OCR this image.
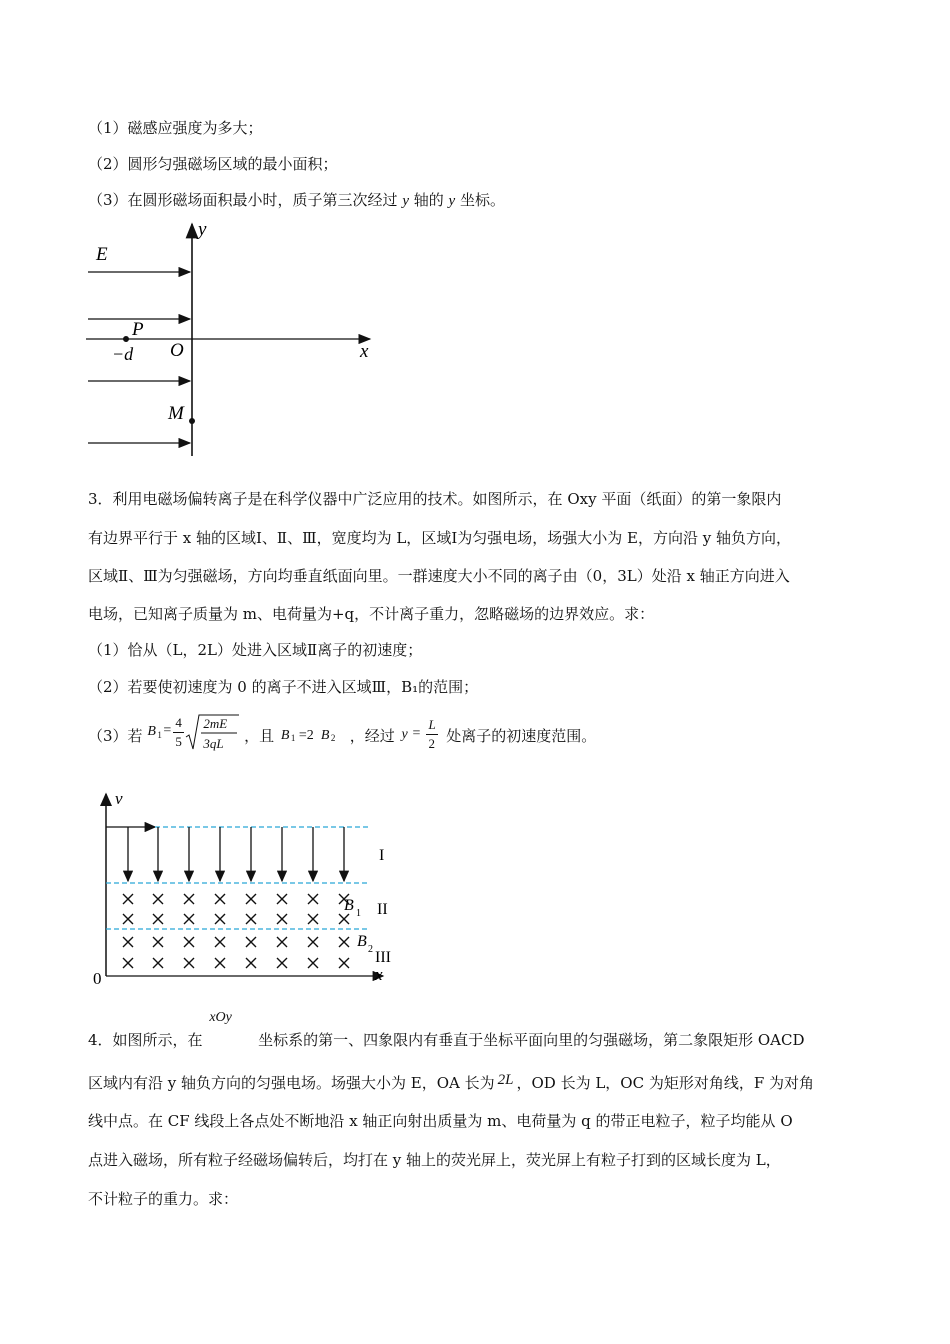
（1）磁感应强度为多大；
（2）圆形匀强磁场区域的最小面积；
（3）在圆形磁场面积最小时，质子第三次经过 y 轴的 y 坐标。
E
y
P
−d O	x
M
3．利用电磁场偏转离子是在科学仪器中广泛应用的技术。如图所示，在 Oxy 平面（纸面）的第一象限内
有边界平行于 x 轴的区域Ⅰ、Ⅱ、Ⅲ，宽度均为 L，区域Ⅰ为匀强电场，场强大小为 E，方向沿 y 轴负方向，
区域Ⅱ、Ⅲ为匀强磁场，方向均垂直纸面向里。一群速度大小不同的离子由（0，3L）处沿 x 轴正方向进入
电场，已知离子质量为 m、电荷量为+q，不计离子重力，忽略磁场的边界效应。求：
（1）恰从（L，2L）处进入区域Ⅱ离子的初速度；
（2）若要使初速度为 0 的离子不进入区域Ⅲ，B₁的范围；
（3）若 B 1 =
4
5
2mE
3qL ，且 B 1 =2 B 2 ，经过 y =
L
2 处离子的初速度范围。
I
II
III
B 1
B 2
v
0	x
4．如图所示，在
xOy
坐标系的第一、四象限内有垂直于坐标平面向里的匀强磁场，第二象限矩形 OACD
区域内有沿 y 轴负方向的匀强电场。场强大小为 E，OA 长为 2L ，OD 长为 L，OC 为矩形对角线，F 为对角
线中点。在 CF 线段上各点处不断地沿 x 轴正向射出质量为 m、电荷量为 q 的带正电粒子，粒子均能从 O
点进入磁场，所有粒子经磁场偏转后，均打在 y 轴上的荧光屏上，荧光屏上有粒子打到的区域长度为 L，
不计粒子的重力。求：
